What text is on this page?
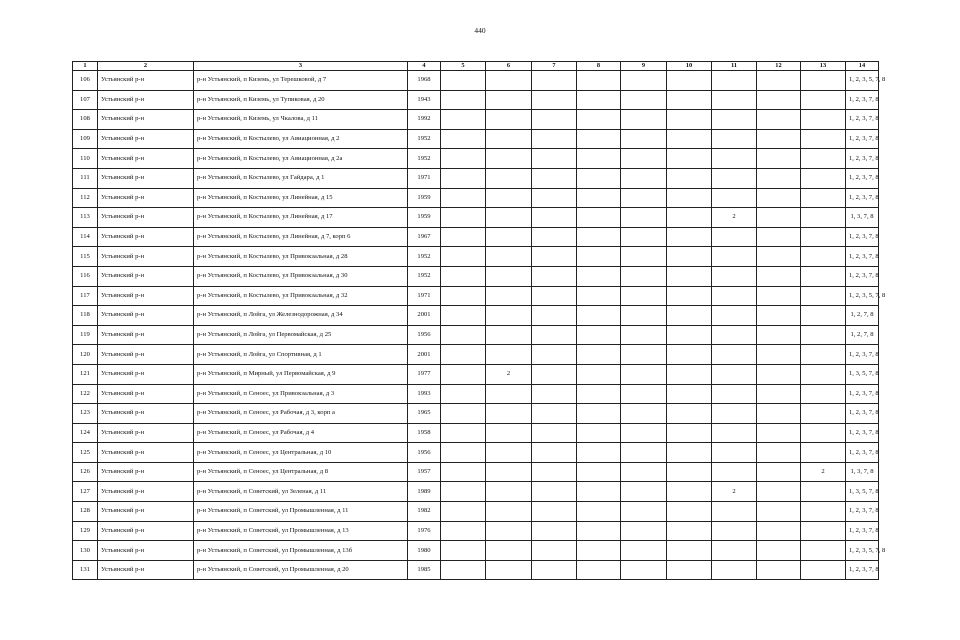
440
1	2	3	4	5	6	7	8	9	10	11	12	13	14
106	Устьянский р-н	р-н Устьянский, п Киземь, ул Терешковой, д 7	1968										1, 2, 3, 5, 7, 8
107	Устьянский р-н	р-н Устьянский, п Киземь, ул Тупиковая, д 20	1943										1, 2, 3, 7, 8
108	Устьянский р-н	р-н Устьянский, п Киземь, ул Чкалова, д 11	1992										1, 2, 3, 7, 8
109	Устьянский р-н	р-н Устьянский, п Костылево, ул Авиационная, д 2	1952										1, 2, 3, 7, 8
110	Устьянский р-н	р-н Устьянский, п Костылево, ул Авиационная, д 2а	1952										1, 2, 3, 7, 8
111	Устьянский р-н	р-н Устьянский, п Костылево, ул Гайдара, д 1	1971										1, 2, 3, 7, 8
112	Устьянский р-н	р-н Устьянский, п Костылево, ул Линейная, д 15	1959										1, 2, 3, 7, 8
113	Устьянский р-н	р-н Устьянский, п Костылево, ул Линейная, д 17	1959							2			1, 3, 7, 8
114	Устьянский р-н	р-н Устьянский, п Костылево, ул Линейная, д 7, корп 6	1967										1, 2, 3, 7, 8
115	Устьянский р-н	р-н Устьянский, п Костылево, ул Привокзальная, д 28	1952										1, 2, 3, 7, 8
116	Устьянский р-н	р-н Устьянский, п Костылево, ул Привокзальная, д 30	1952										1, 2, 3, 7, 8
117	Устьянский р-н	р-н Устьянский, п Костылево, ул Привокзальная, д 32	1971										1, 2, 3, 5, 7, 8
118	Устьянский р-н	р-н Устьянский, п Лойга, ул Железнодорожная, д 34	2001										1, 2, 7, 8
119	Устьянский р-н	р-н Устьянский, п Лойга, ул Первомайская, д 25	1956										1, 2, 7, 8
120	Устьянский р-н	р-н Устьянский, п Лойга, ул Спортивная, д 1	2001										1, 2, 3, 7, 8
121	Устьянский р-н	р-н Устьянский, п Мирный, ул Первомайская, д 9	1977		2								1, 3, 5, 7, 8
122	Устьянский р-н	р-н Устьянский, п Сеноес, ул Привокзальная, д 3	1993										1, 2, 3, 7, 8
123	Устьянский р-н	р-н Устьянский, п Сеноес, ул Рабочая, д 3, корп а	1965										1, 2, 3, 7, 8
124	Устьянский р-н	р-н Устьянский, п Сеноес, ул Рабочая, д 4	1958										1, 2, 3, 7, 8
125	Устьянский р-н	р-н Устьянский, п Сеноес, ул Центральная, д 10	1956										1, 2, 3, 7, 8
126	Устьянский р-н	р-н Устьянский, п Сеноес, ул Центральная, д 8	1957									2	1, 3, 7, 8
127	Устьянский р-н	р-н Устьянский, п Советский, ул Зеленая, д 11	1989							2			1, 3, 5, 7, 8
128	Устьянский р-н	р-н Устьянский, п Советский, ул Промышленная, д 11	1982										1, 2, 3, 7, 8
129	Устьянский р-н	р-н Устьянский, п Советский, ул Промышленная, д 13	1976										1, 2, 3, 7, 8
130	Устьянский р-н	р-н Устьянский, п Советский, ул Промышленная, д 13б	1980										1, 2, 3, 5, 7, 8
131	Устьянский р-н	р-н Устьянский, п Советский, ул Промышленная, д 20	1985										1, 2, 3, 7, 8
